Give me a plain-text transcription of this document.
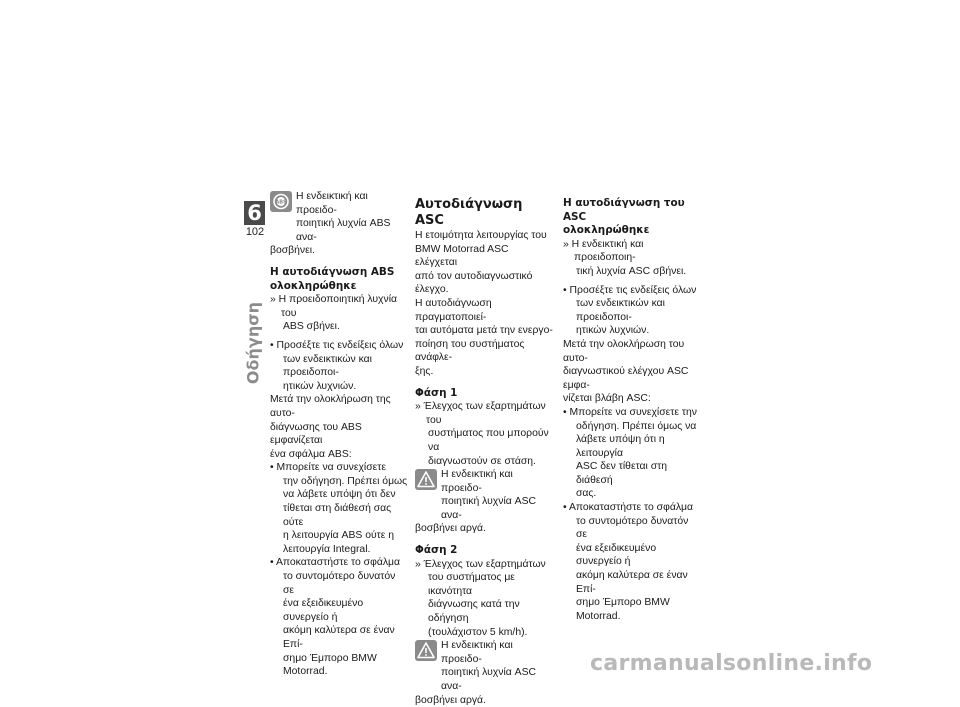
6
102
Οδήγηση
ABS

Η ενδεικτική και προειδο-

ποιητική λυχνία ABS ανα-

βοσβήνει.

Η αυτοδιάγνωση ABS
ολοκληρώθηκε

» Η προειδοποιητική λυχνία του

ABS σβήνει.

• Προσέξτε τις ενδείξεις όλων

των ενδεικτικών και προειδοποι-

ητικών λυχνιών.

Μετά την ολοκλήρωση της αυτο-

διάγνωσης του ABS εμφανίζεται

ένα σφάλμα ABS:

• Μπορείτε να συνεχίσετε

την οδήγηση. Πρέπει όμως

να λάβετε υπόψη ότι δεν

τίθεται στη διάθεσή σας ούτε

η λειτουργία ABS ούτε η

λειτουργία Integral.

• Αποκαταστήστε το σφάλμα

το συντομότερο δυνατόν σε

ένα εξειδικευμένο συνεργείο ή

ακόμη καλύτερα σε έναν Επί-

σημο Έμπορο BMW Motorrad.

Αυτοδιάγνωση ASC

Η ετοιμότητα λειτουργίας του

BMW Motorrad ASC ελέγχεται

από τον αυτοδιαγνωστικό έλεγχο.

Η αυτοδιάγνωση πραγματοποιεί-

ται αυτόματα μετά την ενεργο-

ποίηση του συστήματος ανάφλε-

ξης.

Φάση 1

» Έλεγχος των εξαρτημάτων του

συστήματος που μπορούν να

διαγνωστούν σε στάση.

Η ενδεικτική και προειδο-

ποιητική λυχνία ASC ανα-

βοσβήνει αργά.

Φάση 2

» Έλεγχος των εξαρτημάτων

του συστήματος με ικανότητα

διάγνωσης κατά την οδήγηση

(τουλάχιστον 5 km/h).

Η ενδεικτική και προειδο-

ποιητική λυχνία ASC ανα-

βοσβήνει αργά.

Η αυτοδιάγνωση του ASC
ολοκληρώθηκε

» Η ενδεικτική και προειδοποιη-

τική λυχνία ASC σβήνει.

• Προσέξτε τις ενδείξεις όλων

των ενδεικτικών και προειδοποι-

ητικών λυχνιών.

Μετά την ολοκλήρωση του αυτο-

διαγνωστικού ελέγχου ASC εμφα-

νίζεται βλάβη ASC:

• Μπορείτε να συνεχίσετε την

οδήγηση. Πρέπει όμως να

λάβετε υπόψη ότι η λειτουργία

ASC δεν τίθεται στη διάθεσή

σας.

• Αποκαταστήστε το σφάλμα

το συντομότερο δυνατόν σε

ένα εξειδικευμένο συνεργείο ή

ακόμη καλύτερα σε έναν Επί-

σημο Έμπορο BMW Motorrad.

carmanualsonline.info
